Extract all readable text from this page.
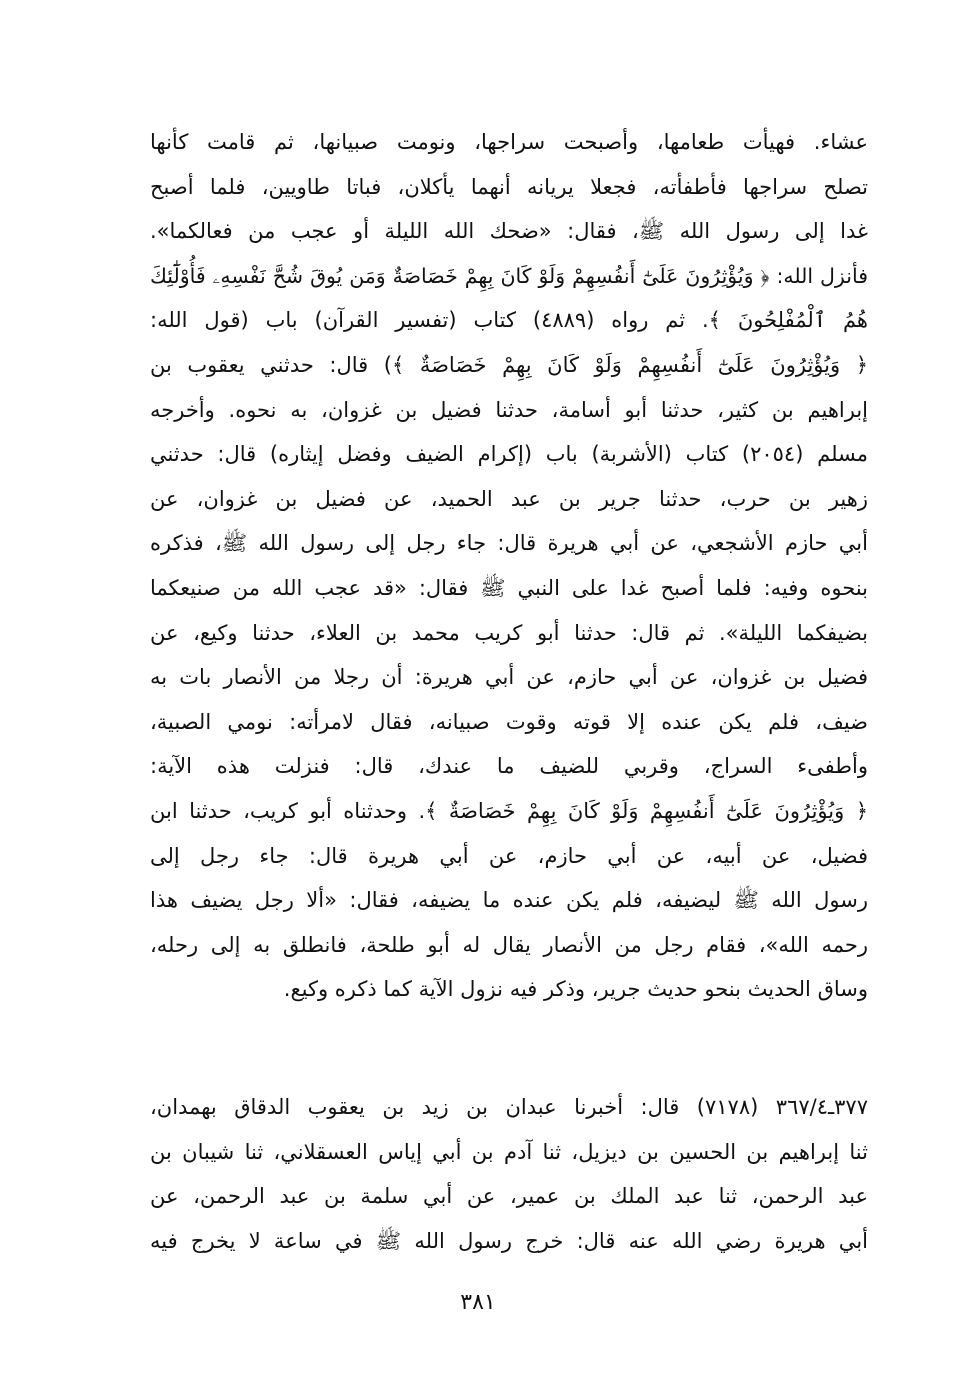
عشاء. فهيأت طعامها، وأصبحت سراجها، ونومت صبيانها، ثم قامت كأنها
تصلح سراجها فأطفأته، فجعلا يريانه أنهما يأكلان، فباتا طاويين، فلما أصبح
غدا إلى رسول الله ﷺ، فقال: «ضحك الله الليلة أو عجب من فعالكما».
فأنزل الله: ﴿ وَيُؤْثِرُونَ عَلَىٰٓ أَنفُسِهِمْ وَلَوْ كَانَ بِهِمْ خَصَاصَةٌ وَمَن يُوقَ شُحَّ نَفْسِهِۦ فَأُوْلَٰٓئِكَ
هُمُ ٱلْمُفْلِحُونَ ﴾. ثم رواه (٤٨٨٩) كتاب (تفسير القرآن) باب (قول الله:
﴿ وَيُؤْثِرُونَ عَلَىٰٓ أَنفُسِهِمْ وَلَوْ كَانَ بِهِمْ خَصَاصَةٌ ﴾) قال: حدثني يعقوب بن
إبراهيم بن كثير، حدثنا أبو أسامة، حدثنا فضيل بن غزوان، به نحوه. وأخرجه
مسلم (٢٠٥٤) كتاب (الأشربة) باب (إكرام الضيف وفضل إيثاره) قال: حدثني
زهير بن حرب، حدثنا جرير بن عبد الحميد، عن فضيل بن غزوان، عن
أبي حازم الأشجعي، عن أبي هريرة قال: جاء رجل إلى رسول الله ﷺ، فذكره
بنحوه وفيه: فلما أصبح غدا على النبي ﷺ فقال: «قد عجب الله من صنيعكما
بضيفكما الليلة». ثم قال: حدثنا أبو كريب محمد بن العلاء، حدثنا وكيع، عن
فضيل بن غزوان، عن أبي حازم، عن أبي هريرة: أن رجلا من الأنصار بات به
ضيف، فلم يكن عنده إلا قوته وقوت صبيانه، فقال لامرأته: نومي الصبية،
وأطفىء السراج، وقربي للضيف ما عندك، قال: فنزلت هذه الآية:
﴿ وَيُؤْثِرُونَ عَلَىٰٓ أَنفُسِهِمْ وَلَوْ كَانَ بِهِمْ خَصَاصَةٌ ﴾. وحدثناه أبو كريب، حدثنا ابن
فضيل، عن أبيه، عن أبي حازم، عن أبي هريرة قال: جاء رجل إلى
رسول الله ﷺ ليضيفه، فلم يكن عنده ما يضيفه، فقال: «ألا رجل يضيف هذا
رحمه الله»، فقام رجل من الأنصار يقال له أبو طلحة، فانطلق به إلى رحله،
وساق الحديث بنحو حديث جرير، وذكر فيه نزول الآية كما ذكره وكيع.
٣٧٧ـ٣٦٧/٤ (٧١٧٨) قال: أخبرنا عبدان بن زيد بن يعقوب الدقاق بهمدان،
ثنا إبراهيم بن الحسين بن ديزيل، ثنا آدم بن أبي إياس العسقلاني، ثنا شيبان بن
عبد الرحمن، ثنا عبد الملك بن عمير، عن أبي سلمة بن عبد الرحمن، عن
أبي هريرة رضي الله عنه قال: خرج رسول الله ﷺ في ساعة لا يخرج فيه
٣٨١
